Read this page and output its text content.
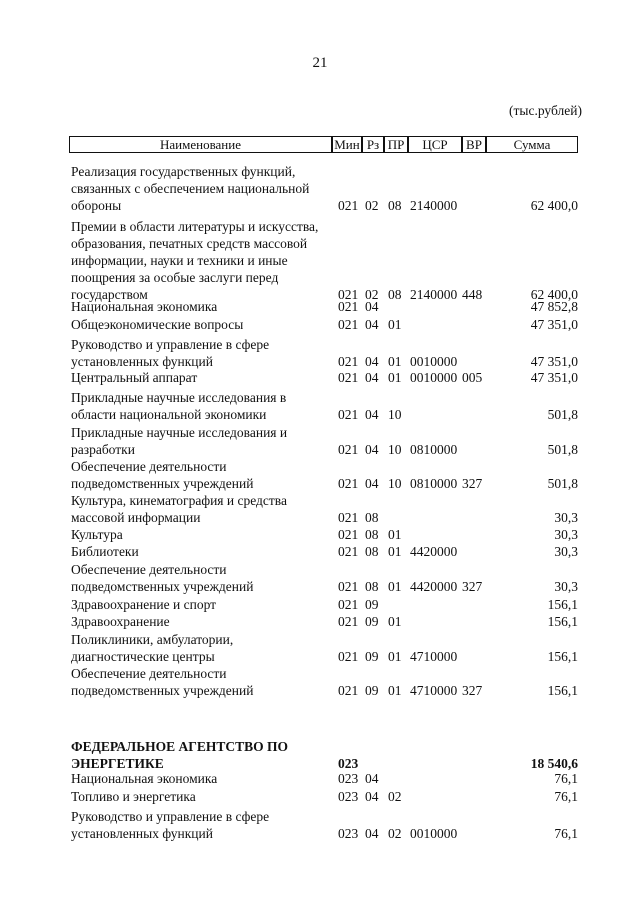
21
(тыс.рублей)
Наименование	Мин Рз ПР	ЦСР	ВР	Сумма
Реализация государственных функций, связанных с обеспечением национальной обороны	021 02 08 2140000	62 400,0
Премии в области литературы и искусства, образования, печатных средств массовой информации, науки и техники и иные поощрения за особые заслуги перед государством	021 02 08 2140000 448	62 400,0
Национальная экономика	021 04	47 852,8
Общеэкономические вопросы	021 04 01	47 351,0
Руководство и управление в сфере установленных функций	021 04 01 0010000	47 351,0
Центральный аппарат	021 04 01 0010000 005	47 351,0
Прикладные научные исследования в области национальной экономики	021 04 10	501,8
Прикладные научные исследования и разработки	021 04 10 0810000	501,8
Обеспечение деятельности подведомственных учреждений	021 04 10 0810000 327	501,8
Культура, кинематография и средства массовой информации	021 08	30,3
Культура	021 08 01	30,3
Библиотеки	021 08 01 4420000	30,3
Обеспечение деятельности подведомственных учреждений	021 08 01 4420000 327	30,3
Здравоохранение и спорт	021 09	156,1
Здравоохранение	021 09 01	156,1
Поликлиники, амбулатории, диагностические центры	021 09 01 4710000	156,1
Обеспечение деятельности подведомственных учреждений	021 09 01 4710000 327	156,1
ФЕДЕРАЛЬНОЕ АГЕНТСТВО ПО ЭНЕРГЕТИКЕ	023	18 540,6
Национальная экономика	023 04	76,1
Топливо и энергетика	023 04 02	76,1
Руководство и управление в сфере установленных функций	023 04 02 0010000	76,1
